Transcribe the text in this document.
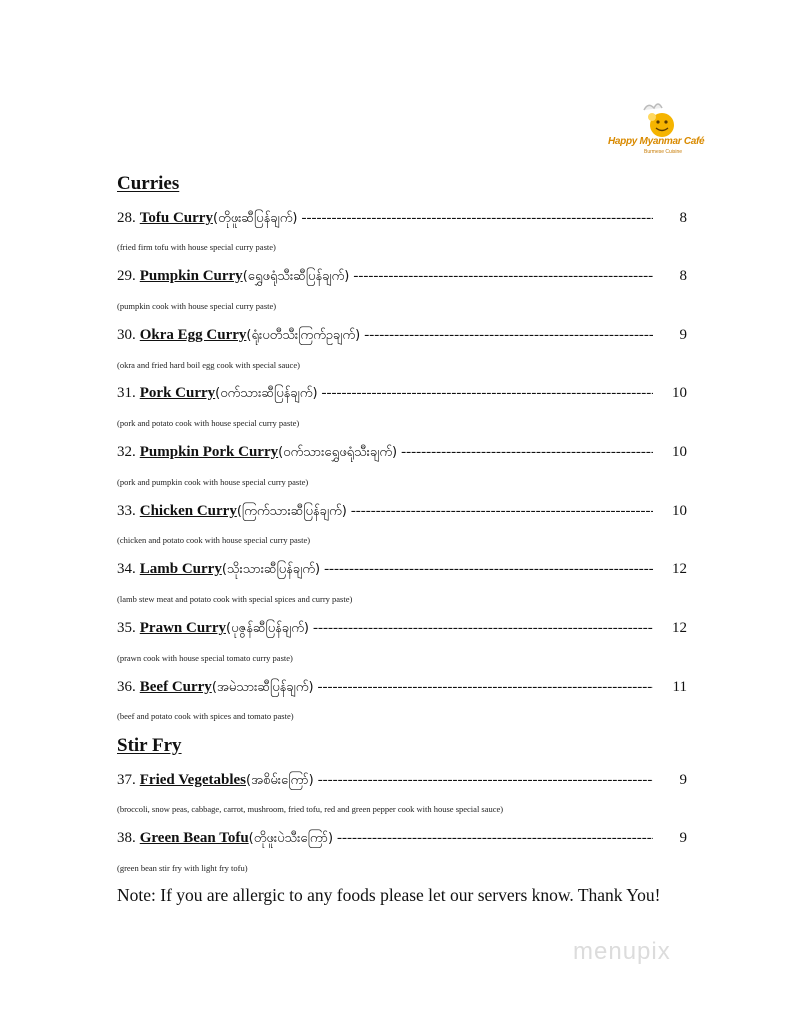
Happy Myanmar Café
Burmese Cuisine
Curries
28. Tofu Curry (တိုဖူးဆီပြန်ချက်) -----	8
(fried firm tofu with house special curry paste)
29. Pumpkin Curry (ရွှေဖရုံသီးဆီပြန်ချက်) -----	8
(pumpkin cook with house special curry paste)
30. Okra Egg Curry (ရုံးပတီသီးကြက်ဥချက်) -----	9
(okra and fried hard boil egg cook with special sauce)
31. Pork Curry (ဝက်သားဆီပြန်ချက်) -----	10
(pork and potato cook with house special curry paste)
32. Pumpkin Pork Curry (ဝက်သားရွှေဖရုံသီးချက်) -----	10
(pork and pumpkin cook with house special curry paste)
33. Chicken Curry (ကြက်သားဆီပြန်ချက်) -----	10
(chicken and potato cook with house special curry paste)
34. Lamb Curry (သိုးသားဆီပြန်ချက်) -----	12
(lamb stew meat and potato cook with special spices and curry paste)
35. Prawn Curry (ပုဇွန်ဆီပြန်ချက်) -----	12
(prawn cook with house special tomato curry paste)
36. Beef Curry (အမဲသားဆီပြန်ချက်) -----	11
(beef and potato cook with spices and tomato paste)
Stir Fry
37. Fried Vegetables (အစိမ်းကြော်) -----	9
(broccoli, snow peas, cabbage, carrot, mushroom, fried tofu, red and green pepper cook with house special sauce)
38. Green Bean Tofu (တိုဖူးပဲသီးကြော်) -----	9
(green bean stir fry with light fry tofu)
Note: If you are allergic to any foods please let our servers know. Thank You!
menupix
